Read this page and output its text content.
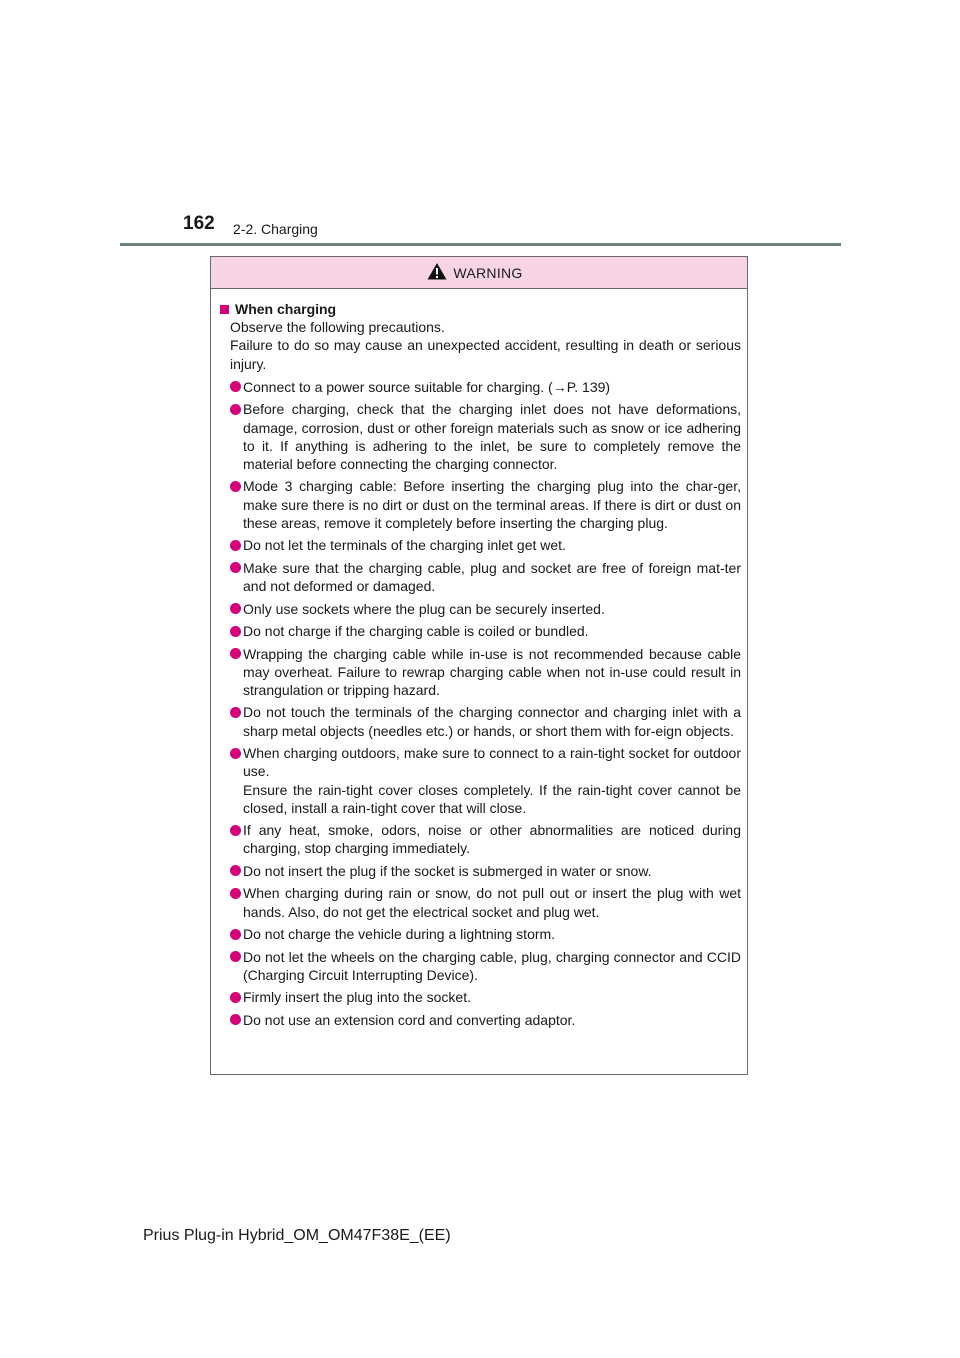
162 2-2. Charging
WARNING
When charging
Observe the following precautions.
Failure to do so may cause an unexpected accident, resulting in death or serious injury.
Connect to a power source suitable for charging. (→P. 139)
Before charging, check that the charging inlet does not have deformations, damage, corrosion, dust or other foreign materials such as snow or ice adhering to it. If anything is adhering to the inlet, be sure to completely remove the material before connecting the charging connector.
Mode 3 charging cable: Before inserting the charging plug into the char-ger, make sure there is no dirt or dust on the terminal areas. If there is dirt or dust on these areas, remove it completely before inserting the charging plug.
Do not let the terminals of the charging inlet get wet.
Make sure that the charging cable, plug and socket are free of foreign mat-ter and not deformed or damaged.
Only use sockets where the plug can be securely inserted.
Do not charge if the charging cable is coiled or bundled.
Wrapping the charging cable while in-use is not recommended because cable may overheat. Failure to rewrap charging cable when not in-use could result in strangulation or tripping hazard.
Do not touch the terminals of the charging connector and charging inlet with a sharp metal objects (needles etc.) or hands, or short them with for-eign objects.
When charging outdoors, make sure to connect to a rain-tight socket for outdoor use.
Ensure the rain-tight cover closes completely. If the rain-tight cover cannot be closed, install a rain-tight cover that will close.
If any heat, smoke, odors, noise or other abnormalities are noticed during charging, stop charging immediately.
Do not insert the plug if the socket is submerged in water or snow.
When charging during rain or snow, do not pull out or insert the plug with wet hands. Also, do not get the electrical socket and plug wet.
Do not charge the vehicle during a lightning storm.
Do not let the wheels on the charging cable, plug, charging connector and CCID (Charging Circuit Interrupting Device).
Firmly insert the plug into the socket.
Do not use an extension cord and converting adaptor.
Prius Plug-in Hybrid_OM_OM47F38E_(EE)
